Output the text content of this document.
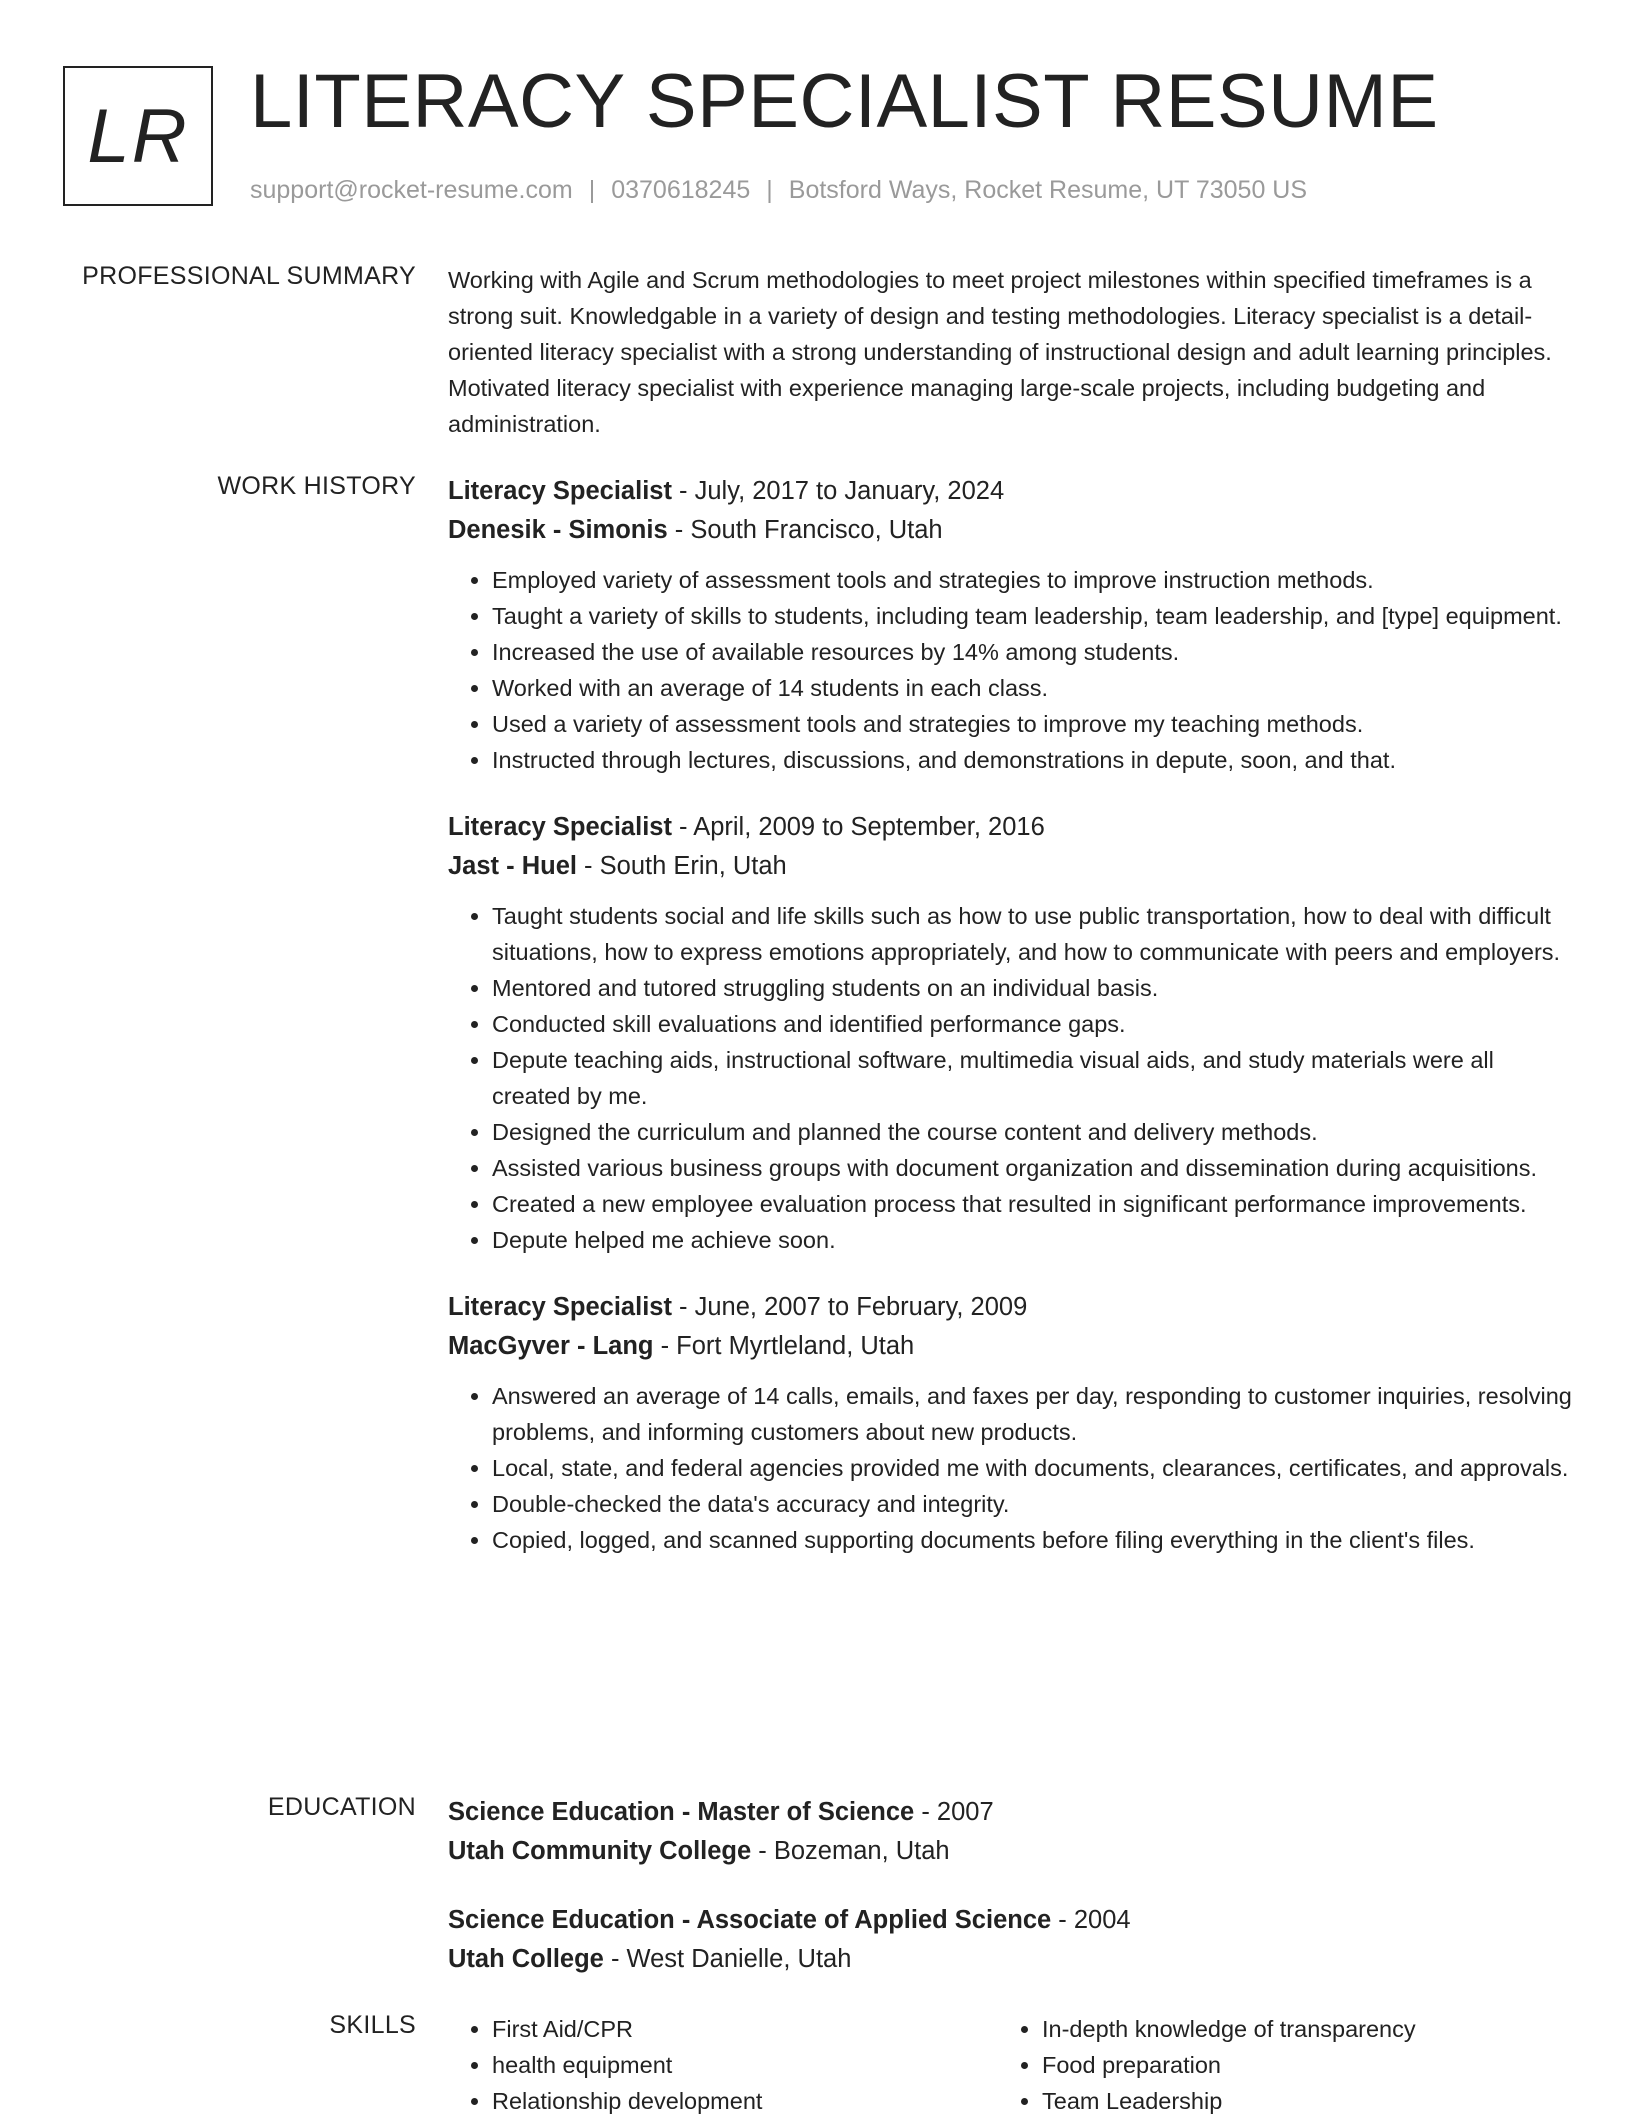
LR LITERACY SPECIALIST RESUME
support@rocket-resume.com | 0370618245 | Botsford Ways, Rocket Resume, UT 73050 US
PROFESSIONAL SUMMARY Working with Agile and Scrum methodologies to meet project milestones within specified timeframes is a strong suit. Knowledgable in a variety of design and testing methodologies. Literacy specialist is a detail-oriented literacy specialist with a strong understanding of instructional design and adult learning principles. Motivated literacy specialist with experience managing large-scale projects, including budgeting and administration.

WORK HISTORY Literacy Specialist - July, 2017 to January, 2024
Denesik - Simonis - South Francisco, Utah
• Employed variety of assessment tools and strategies to improve instruction methods.
• Taught a variety of skills to students, including team leadership, team leadership, and [type] equipment.
• Increased the use of available resources by 14% among students.
• Worked with an average of 14 students in each class.
• Used a variety of assessment tools and strategies to improve my teaching methods.
• Instructed through lectures, discussions, and demonstrations in depute, soon, and that.
Literacy Specialist - April, 2009 to September, 2016
Jast - Huel - South Erin, Utah
• Taught students social and life skills such as how to use public transportation, how to deal with difficult situations, how to express emotions appropriately, and how to communicate with peers and employers.
• Mentored and tutored struggling students on an individual basis.
• Conducted skill evaluations and identified performance gaps.
• Depute teaching aids, instructional software, multimedia visual aids, and study materials were all created by me.
• Designed the curriculum and planned the course content and delivery methods.
• Assisted various business groups with document organization and dissemination during acquisitions.
• Created a new employee evaluation process that resulted in significant performance improvements.
• Depute helped me achieve soon.
Literacy Specialist - June, 2007 to February, 2009
MacGyver - Lang - Fort Myrtleland, Utah
• Answered an average of 14 calls, emails, and faxes per day, responding to customer inquiries, resolving problems, and informing customers about new products.
• Local, state, and federal agencies provided me with documents, clearances, certificates, and approvals.
• Double-checked the data's accuracy and integrity.
• Copied, logged, and scanned supporting documents before filing everything in the client's files.
EDUCATION Science Education - Master of Science - 2007
Utah Community College - Bozeman, Utah
Science Education - Associate of Applied Science - 2004
Utah College - West Danielle, Utah
SKILLS
•	First Aid/CPR
• health equipment
• Relationship development
• In-depth knowledge of transparency
• Food preparation
• Team Leadership
